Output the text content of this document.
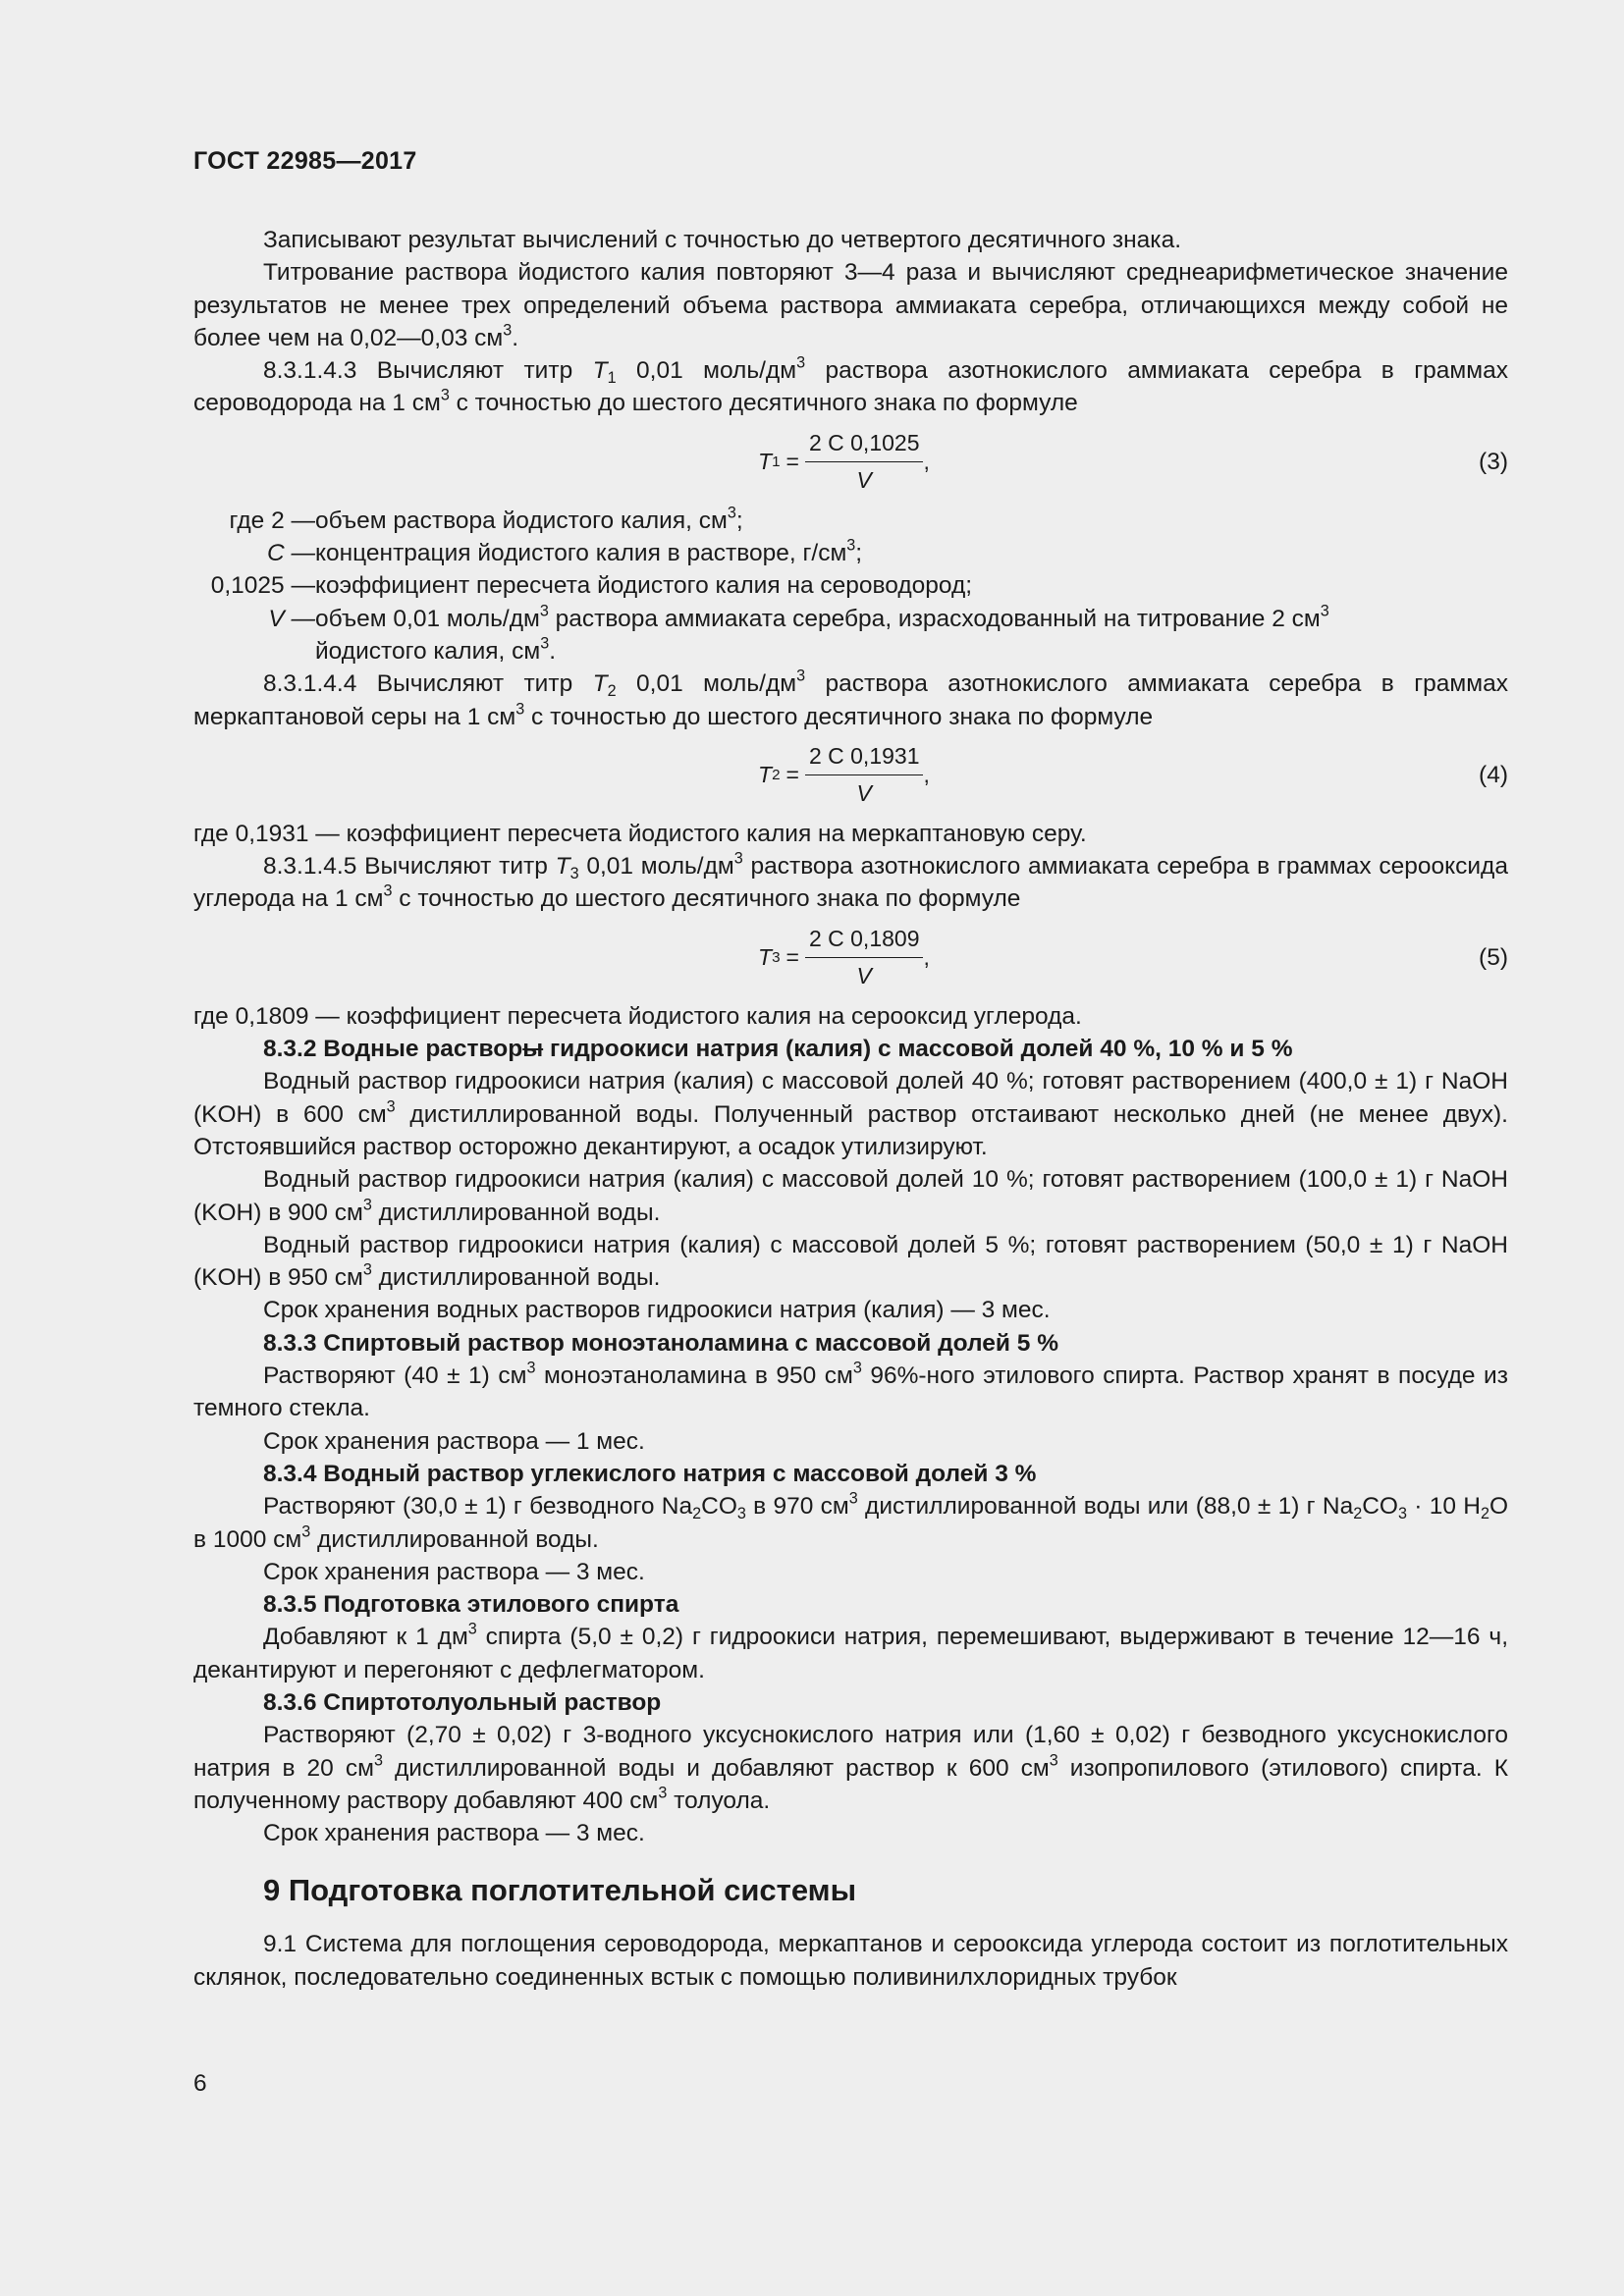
ГОСТ 22985—2017

Записывают результат вычислений с точностью до четвертого десятичного знака.

Титрование раствора йодистого калия повторяют 3—4 раза и вычисляют среднеарифметическое значение результатов не менее трех определений объема раствора аммиаката серебра, отличающихся между собой не более чем на 0,02—0,03 $см^3$.

8.3.1.4.3 Вычисляют титр $T_1$ 0,01 моль/$дм^3$ раствора азотнокислого аммиаката серебра в граммах сероводорода на 1 $см^3$ с точностью до шестого десятичного знака по формуле

T $1 = \frac{2 C 0,1025}{V}$ ,	(3)
где 2 — объем раствора йодистого калия, $см^3$;
C — концентрация йодистого калия в растворе, $г/см^3$;
0,1025 — коэффициент пересчета йодистого калия на сероводород;
V — объем 0,01 моль/$дм^3$ раствора аммиаката серебра, израсходованный на титрование 2 $см^3$
йодистого калия, $см^3$.

8.3.1.4.4 Вычисляют титр $T_2$ 0,01 моль/$дм^3$ раствора азотнокислого аммиаката серебра в граммах меркаптановой серы на 1 $см^3$ с точностью до шестого десятичного знака по формуле

T $2 = \frac{2 C 0,1931}{V}$ ,	(4)

где 0,1931 — коэффициент пересчета йодистого калия на меркаптановую серу.

8.3.1.4.5 Вычисляют титр $T_3$ 0,01 моль/$дм^3$ раствора азотнокислого аммиаката серебра в граммах серооксида углерода на 1 $см^3$ с точностью до шестого десятичного знака по формуле

T $3 = \frac{2 C 0,1809}{V}$ ,	(5)

где 0,1809 — коэффициент пересчета йодистого калия на серооксид углерода.

8.3.2 Водные растворы гидроокиси натрия (калия) с массовой долей 40 %, 10 % и 5 %

Водный раствор гидроокиси натрия (калия) с массовой долей 40 %; готовят растворением (400,0 ± 1) г NaOH (KOH) в 600 $см^3$ дистиллированной воды. Полученный раствор отстаивают несколько дней (не менее двух). Отстоявшийся раствор осторожно декантируют, а осадок утилизируют.

Водный раствор гидроокиси натрия (калия) с массовой долей 10 %; готовят растворением (100,0 ± 1) г NaOH (KOH) в 900 $см^3$ дистиллированной воды.

Водный раствор гидроокиси натрия (калия) с массовой долей 5 %; готовят растворением (50,0 ± 1) г NaOH (KOH) в 950 $см^3$ дистиллированной воды.

Срок хранения водных растворов гидроокиси натрия (калия) — 3 мес.

8.3.3 Спиртовый раствор моноэтаноламина с массовой долей 5 %

Растворяют (40 ± 1) $см^3$ моноэтаноламина в 950 $см^3$ 96%-ного этилового спирта. Раствор хранят в посуде из темного стекла.

Срок хранения раствора — 1 мес.

8.3.4 Водный раствор углекислого натрия с массовой долей 3 %

Растворяют (30,0 ± 1) г безводного $Na_2CO_3$ в 970 $см^3$ дистиллированной воды или (88,0 ± 1) г $Na_2CO_3 \cdot 10$ $H_2O$ в 1000 $см^3$ дистиллированной воды.

Срок хранения раствора — 3 мес.

8.3.5 Подготовка этилового спирта

Добавляют к 1 $дм^3$ спирта (5,0 ± 0,2) г гидроокиси натрия, перемешивают, выдерживают в течение 12—16 ч, декантируют и перегоняют с дефлегматором.

8.3.6 Спиртотолуольный раствор

Растворяют (2,70 ± 0,02) г 3-водного уксуснокислого натрия или (1,60 ± 0,02) г безводного уксуснокислого натрия в 20 $см^3$ дистиллированной воды и добавляют раствор к 600 $см^3$ изопропилового (этилового) спирта. К полученному раствору добавляют 400 $см^3$ толуола.

Срок хранения раствора — 3 мес.

9 Подготовка поглотительной системы

9.1 Система для поглощения сероводорода, меркаптанов и серооксида углерода состоит из поглотительных склянок, последовательно соединенных встык с помощью поливинилхлоридных трубок

6
